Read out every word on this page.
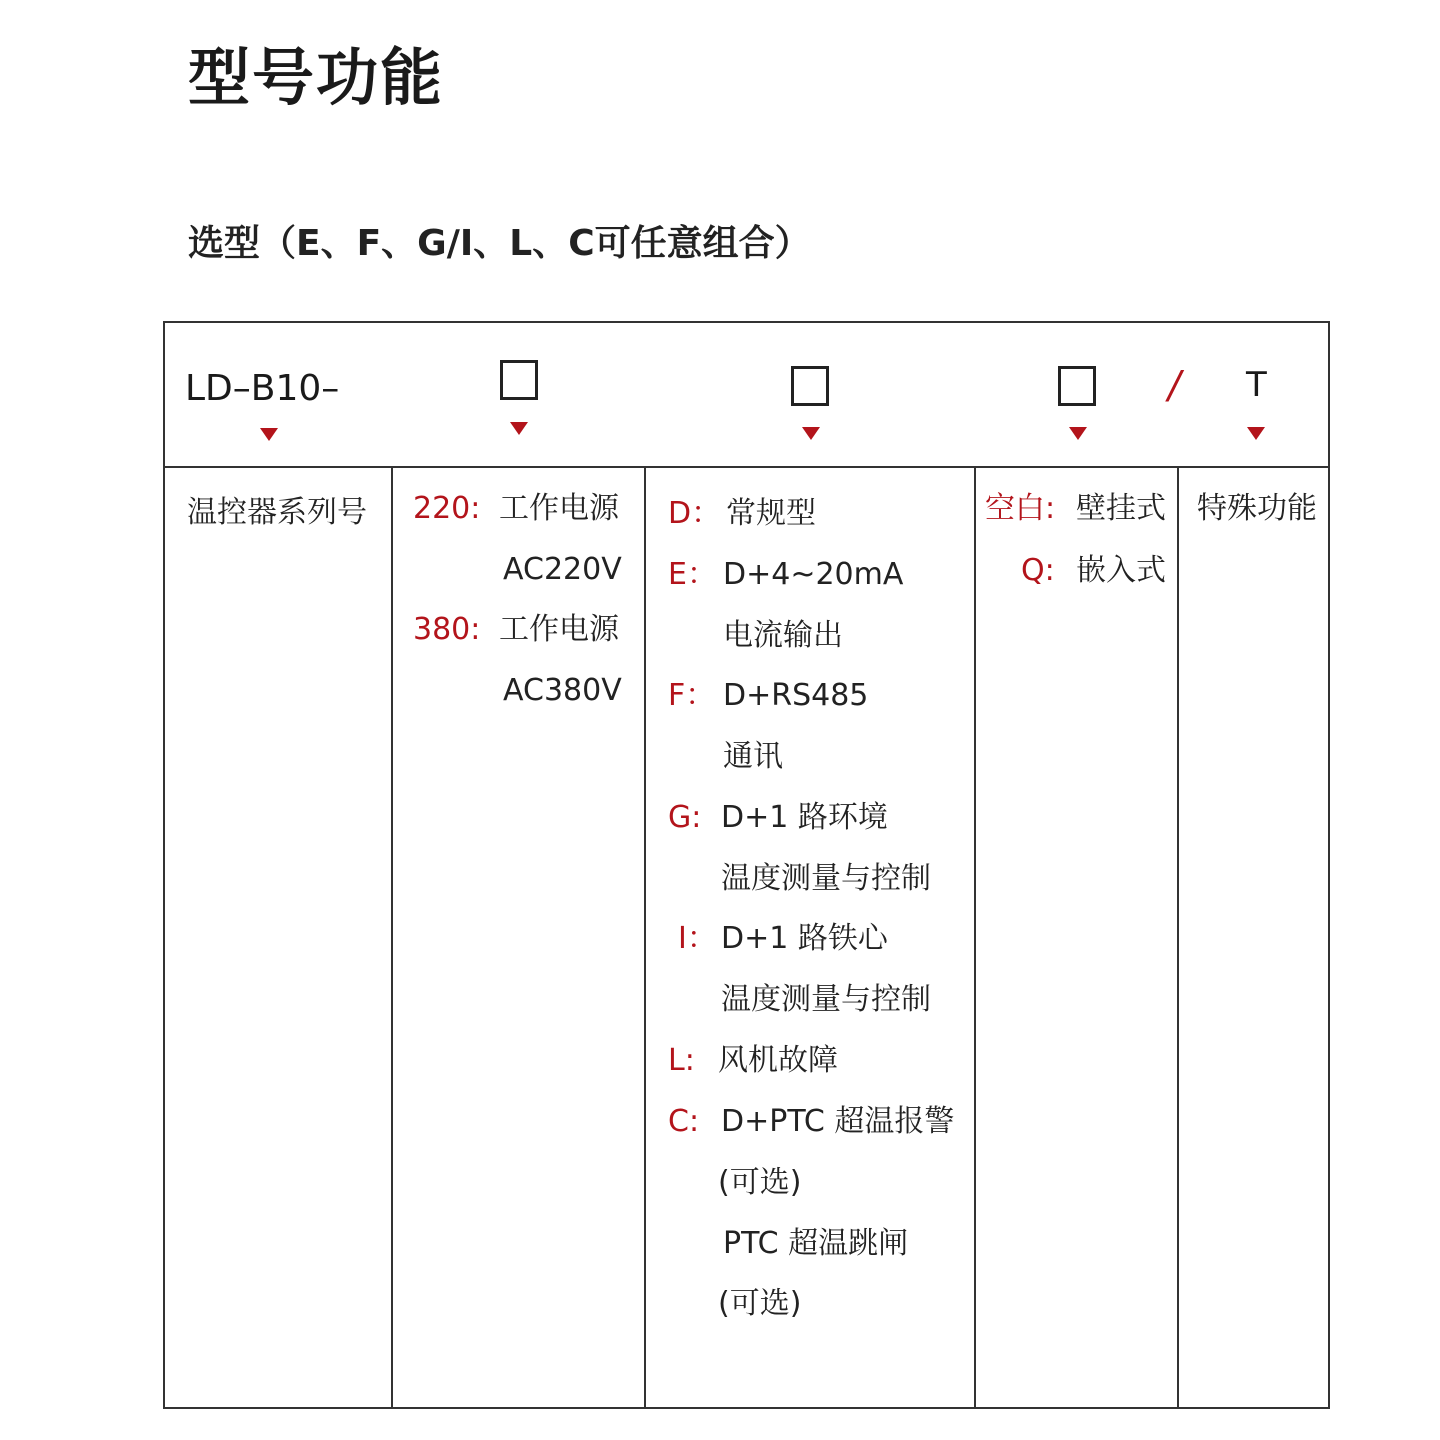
型号功能
选型（E、F、G/I、L、C可任意组合）
LD–B10–	/ T
温控器系列号 220: 工作电源
AC220V
380: 工作电源
AC380V
D： 常规型
E： D+4~20mA
电流输出
F： D+RS485
通讯
G: D+1 路环境
温度测量与控制
I： D+1 路铁心
温度测量与控制
L: 风机故障
C: D+PTC 超温报警
(可选)
PTC 超温跳闸
(可选)
空白: 壁挂式
Q: 嵌入式
特殊功能
